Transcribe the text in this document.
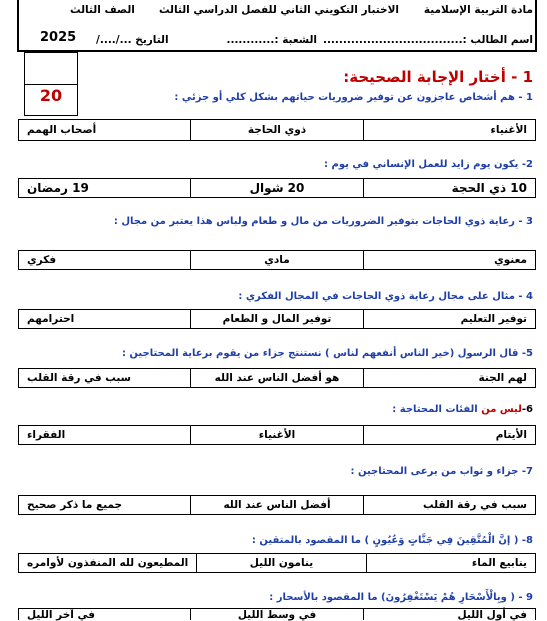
مادة التربية الإسلامية
الاختبار التكويني الثاني للفصل الدراسي الثالث
الصف الثالث
اسم الطالب :...................................
الشعبة :............
التاريخ .../..../
2025
20
1 - أختار الإجابة الصحيحة:
1 - هم أشخاص عاجزون عن توفير ضروريات حياتهم بشكل كلي أو جزئي :
الأغنياء
ذوي الحاجة
أصحاب الهمم
2- يكون يوم زايد للعمل الإنساني في يوم :
10 ذي الحجة
20 شوال
19 رمضان
3 - رعاية ذوي الحاجات بتوفير الضروريات من مال و طعام ولباس هذا يعتبر من مجال :
معنوي
مادي
فكري
4 - مثال على مجال رعاية ذوي الحاجات في المجال الفكري :
توفير التعليم
توفير المال و الطعام
احترامهم
5- قال الرسول (خير الناس أنفعهم لناس ) نستنتج جزاء من يقوم برعاية المحتاجين :
لهم الجنة
هو أفضل الناس عند الله
سبب في رقة القلب
6-ليس من الفئات المحتاجة :
الأيتام
الأغنياء
الفقراء
7- جزاء و ثواب من يرعى المحتاجين :
سبب في رقة القلب
أفضل الناس عند الله
جميع ما ذكر صحيح
8- ( إنَّ الْمُتَّقِينَ فِي جَنَّاتٍ وَعُيُونٍ ) ما المقصود بالمتقين :
ينابيع الماء
ينامون الليل
المطيعون لله المنفذون لأوامره
9 - ( وبِالْأَسْحَارِ هُمْ يَسْتَغْفِرُونَ) ما المقصود بالأسحار :
في أول الليل
في وسط الليل
في آخر الليل
